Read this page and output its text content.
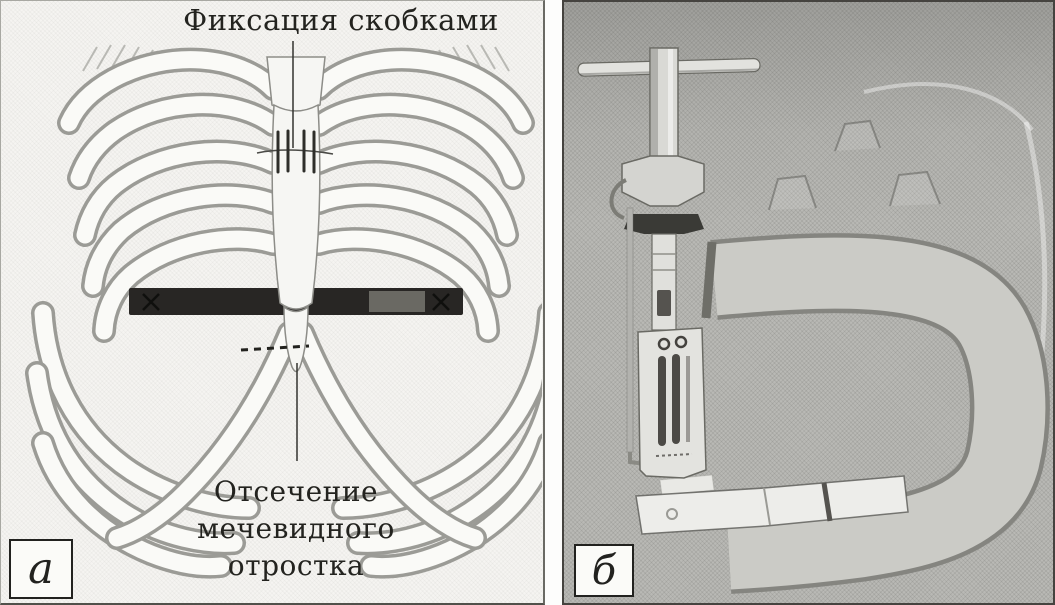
Фиксация скобками
Отсечение
мечевидного
отростка
a	б
